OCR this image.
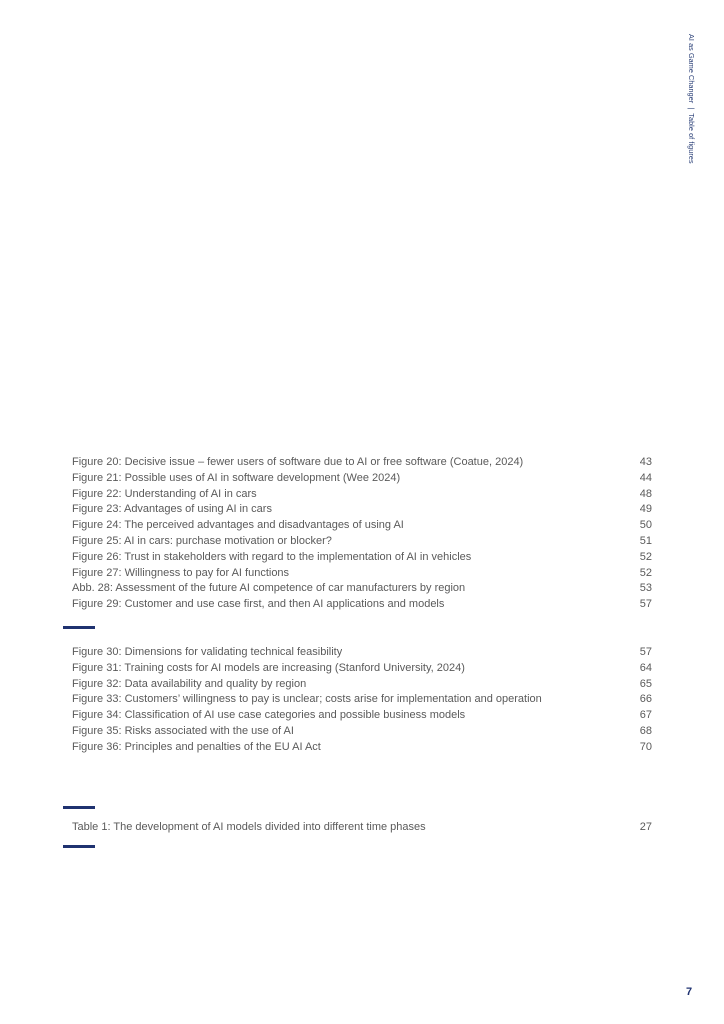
AI as Game Changer
|
Table of figures
Figure 20: Decisive issue – fewer users of software due to AI or free software (Coatue, 2024)	43
Figure 21: Possible uses of AI in software development (Wee 2024)	44
Figure 22: Understanding of AI in cars	48
Figure 23: Advantages of using AI in cars	49
Figure 24: The perceived advantages and disadvantages of using AI	50
Figure 25: AI in cars: purchase motivation or blocker?	51
Figure 26: Trust in stakeholders with regard to the implementation of AI in vehicles	52
Figure 27: Willingness to pay for AI functions	52
Abb. 28: Assessment of the future AI competence of car manufacturers by region	53
Figure 29: Customer and use case first, and then AI applications and models	57
Figure 30: Dimensions for validating technical feasibility	57
Figure 31: Training costs for AI models are increasing (Stanford University, 2024)	64
Figure 32: Data availability and quality by region	65
Figure 33: Customers’ willingness to pay is unclear; costs arise for implementation and operation	66
Figure 34: Classification of AI use case categories and possible business models	67
Figure 35: Risks associated with the use of AI	68
Figure 36: Principles and penalties of the EU AI Act	70
Table 1: The development of AI models divided into different time phases	27
7
